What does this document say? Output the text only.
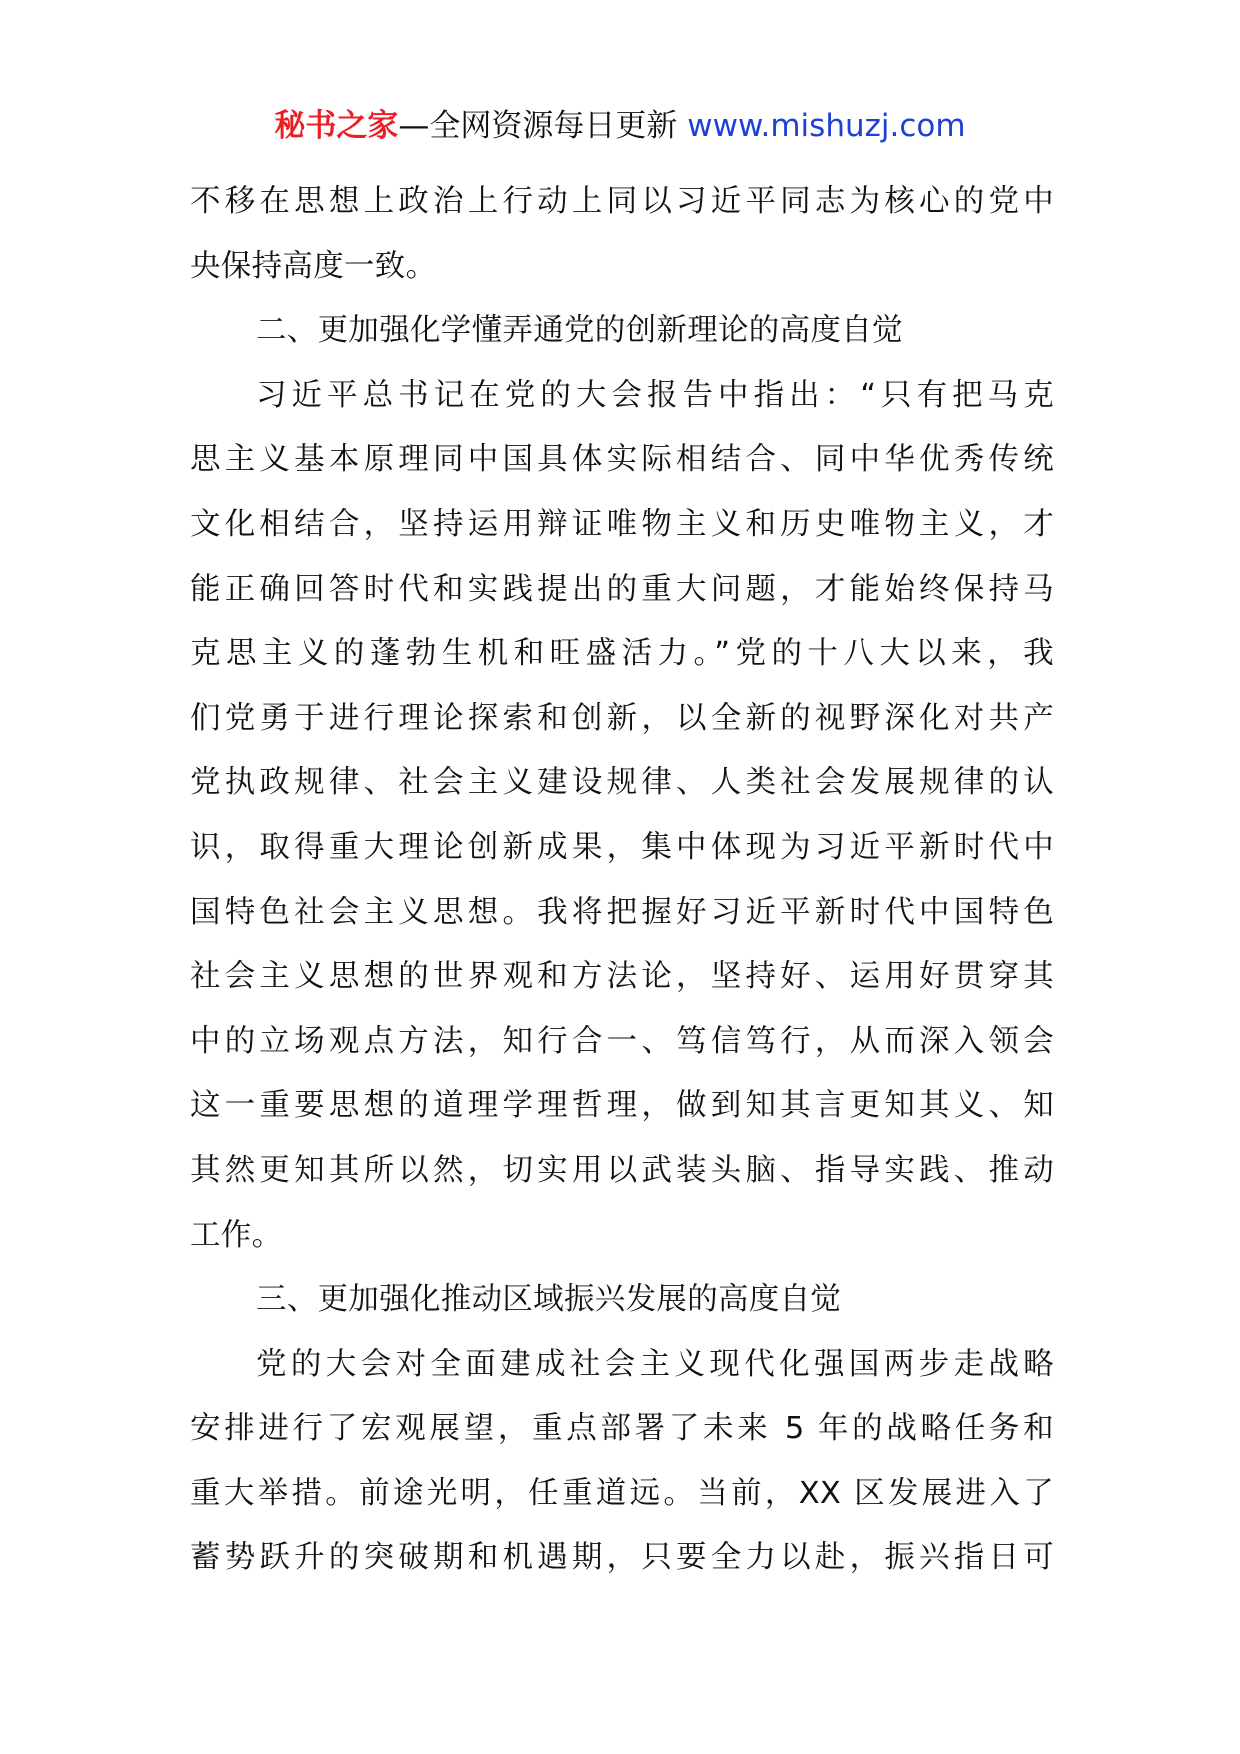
秘书之家—全网资源每日更新 www.mishuzj.com
不移在思想上政治上行动上同以习近平同志为核心的党中
央保持高度一致。
二、更加强化学懂弄通党的创新理论的高度自觉
习近平总书记在党的大会报告中指出：“只有把马克
思主义基本原理同中国具体实际相结合、同中华优秀传统
文化相结合，坚持运用辩证唯物主义和历史唯物主义，才
能正确回答时代和实践提出的重大问题，才能始终保持马
克思主义的蓬勃生机和旺盛活力。”党的十八大以来，我
们党勇于进行理论探索和创新，以全新的视野深化对共产
党执政规律、社会主义建设规律、人类社会发展规律的认
识，取得重大理论创新成果，集中体现为习近平新时代中
国特色社会主义思想。我将把握好习近平新时代中国特色
社会主义思想的世界观和方法论，坚持好、运用好贯穿其
中的立场观点方法，知行合一、笃信笃行，从而深入领会
这一重要思想的道理学理哲理，做到知其言更知其义、知
其然更知其所以然，切实用以武装头脑、指导实践、推动
工作。
三、更加强化推动区域振兴发展的高度自觉
党的大会对全面建成社会主义现代化强国两步走战略
安排进行了宏观展望，重点部署了未来 5 年的战略任务和
重大举措。前途光明，任重道远。当前，XX 区发展进入了
蓄势跃升的突破期和机遇期，只要全力以赴，振兴指日可
